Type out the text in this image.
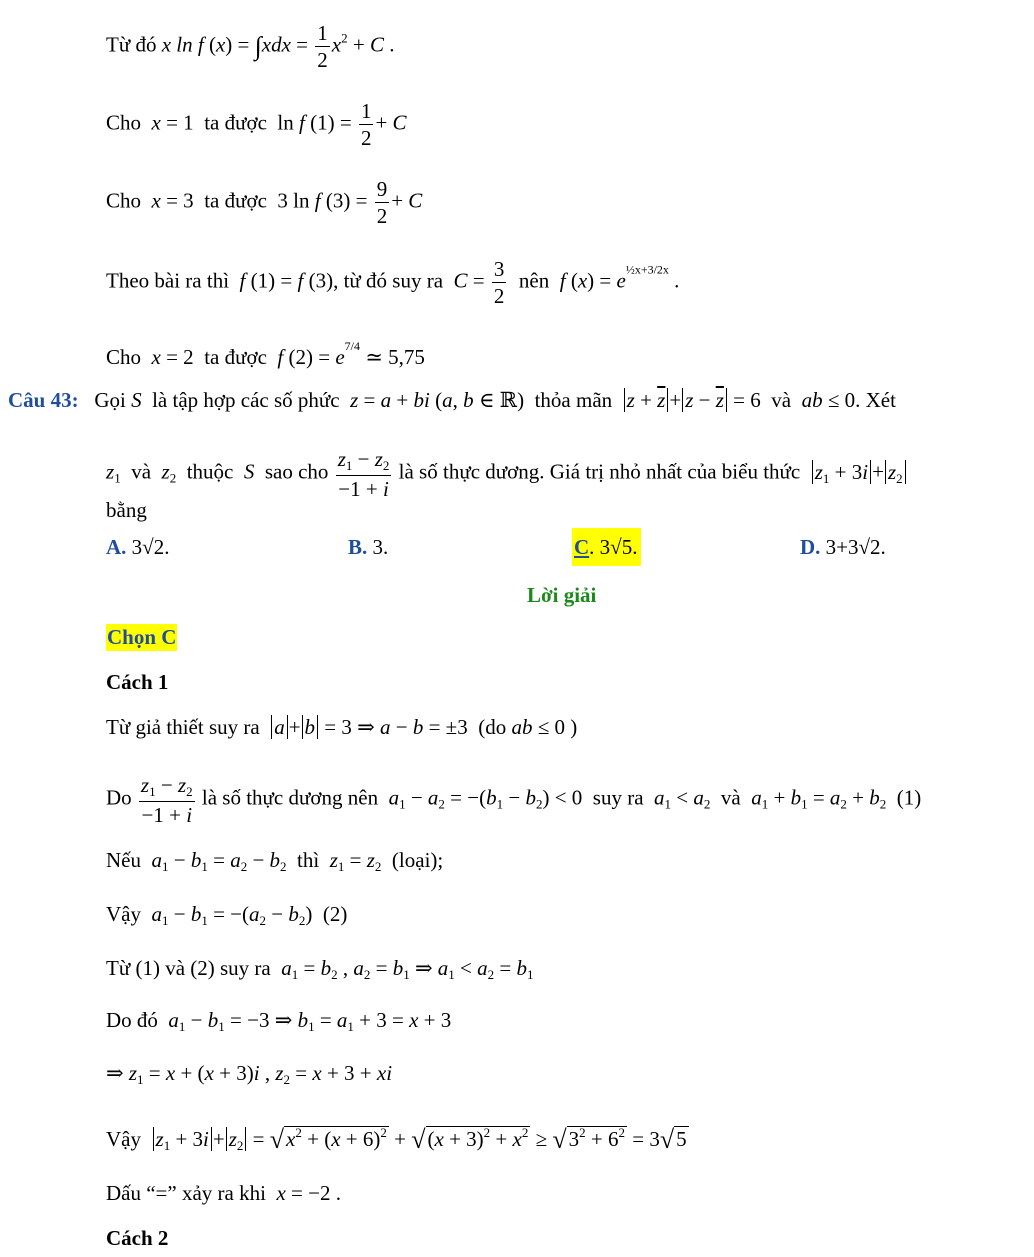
Từ đó x ln f $(x) = \int xdx = \frac{1}{2} x^2 + C$ .
Cho x = 1  ta được  ln f $(1) = \frac{1}{2} + C$
Cho x = 3  ta được  3 ln f $(3) = \frac{9}{2} + C$
Theo bài ra thì f (1) = f (3), từ đó suy ra $C = \frac{3}{2}$ nên f $(x) = e^{\frac{1}{2}x+3/2x}$ .
Cho x = 2  ta được f $(2) = e^{7/4}$ ≃ 5,75
Câu 43: Gọi S là tập hợp các số phức z = a + bi (a, b ∈ ℝ)  thỏa mãn $z + \overline{z} + z - \overline{z} = 6$  và ab ≤ 0. Xét
$z_1$ và $z_2$ thuộc S sao cho $\frac{z_1 - z_2}{-1 + i}$ là số thực dương. Giá trị nhỏ nhất của biểu thức $z_1 + 3i + z_2$
bằng
A. 3√2.	B. 3.	C. 3√5.	D. 3+3√2.
Lời giải
Chọn C
Cách 1
Từ giả thiết suy ra a + b = 3 ⇒ a − b = ±3  (do ab ≤ 0 )
Do $\frac{z_1 - z_2}{-1 + i}$ là số thực dương nên $a_1 - a_2 = -(b_1 - b_2) < 0$  suy ra $a_1 < a_2$ và $a_1 + b_1 = a_2 + b_2$ (1)
Nếu $a_1 - b_1 = a_2 - b_2$ thì $z_1 = z_2$ (loại);
Vậy $a_1 - b_1 = -(a_2 - b_2)$  (2)
Từ (1) và (2) suy ra $a_1 = b_2$ , $a_2 = b_1$ ⇒ $a_1 < a_2 = b_1$
Do đó $a_1 - b_1 = -3$ ⇒ $b_1 = a_1 + 3 = x + 3$
⇒ $z_1 = x + (x + 3)i$ , $z_2 = x + 3$ + xi
Vậy $z_1 + 3i + z_2 = √x^2 + (x + 6)^2 + √(x + 3)^2 + x^2 \ge √3^2 + 6^2 = 3√5$
Dấu “=” xảy ra khi x = −2 .
Cách 2
